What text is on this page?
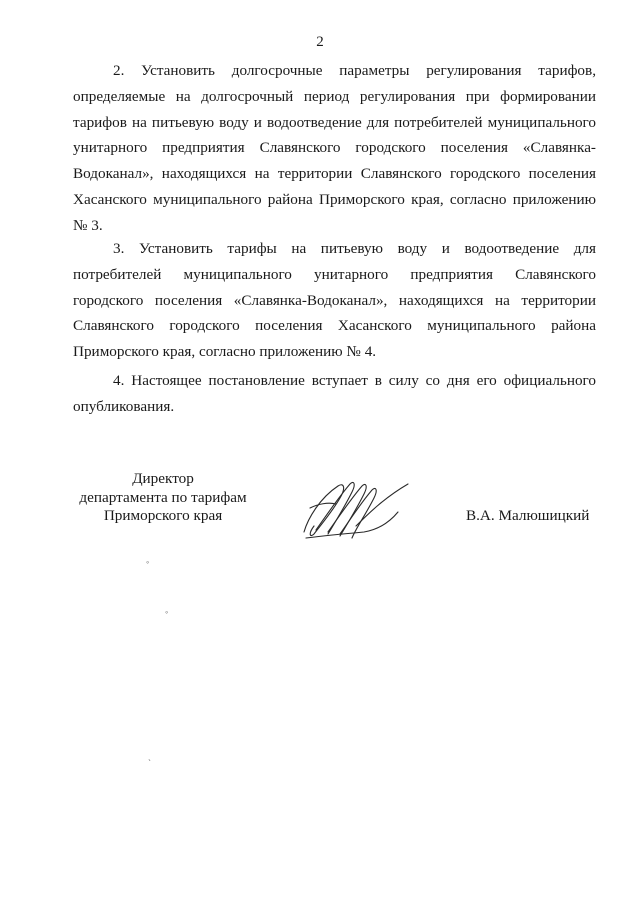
2

2. Установить долгосрочные параметры регулирования тарифов, определяемые на долгосрочный период регулирования при формировании тарифов на питьевую воду и водоотведение для потребителей муниципального унитарного предприятия Славянского городского поселения «Славянка-Водоканал», находящихся на территории Славянского городского поселения Хасанского муниципального района Приморского края, согласно приложению № 3.

3. Установить тарифы на питьевую воду и водоотведение для потребителей муниципального унитарного предприятия Славянского городского поселения «Славянка-Водоканал», находящихся на территории Славянского городского поселения Хасанского муниципального района Приморского края, согласно приложению № 4.

4. Настоящее постановление вступает в силу со дня его официального опубликования.

Директор
департамента по тарифам
Приморского края	В.А. Малюшицкий
◦
◦
ˏ
